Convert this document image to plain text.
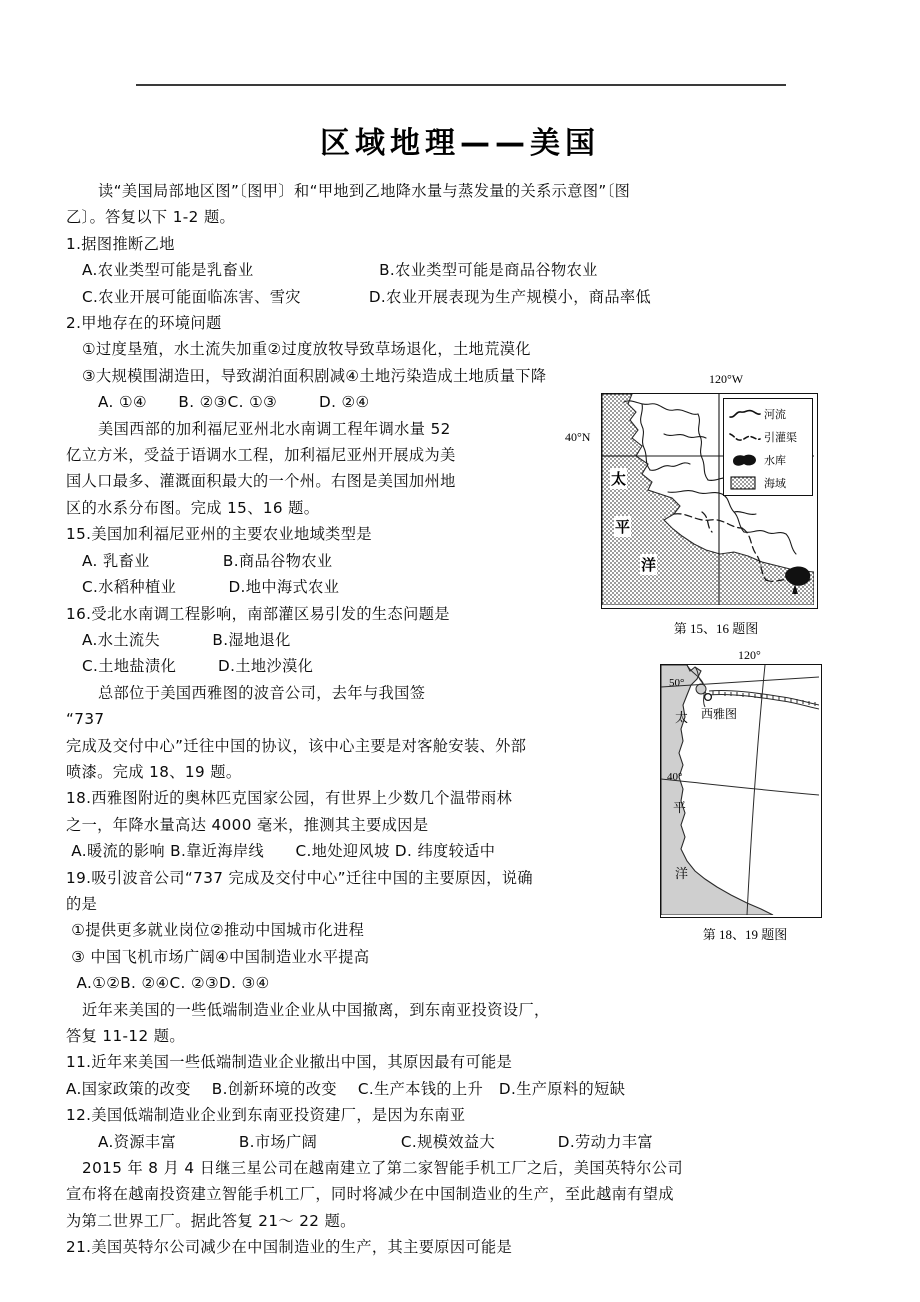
区域地理——美国
读“美国局部地区图”〔图甲〕和“甲地到乙地降水量与蒸发量的关系示意图”〔图
乙〕。答复以下 1-2 题。
1.据图推断乙地
A.农业类型可能是乳畜业                        B.农业类型可能是商品谷物农业
C.农业开展可能面临冻害、雪灾             D.农业开展表现为生产规模小，商品率低
2.甲地存在的环境问题
①过度垦殖，水土流失加重②过度放牧导致草场退化，土地荒漠化
③大规模围湖造田，导致湖泊面积剧减④土地污染造成土地质量下降
A. ①④      B. ②③C. ①③        D. ②④
美国西部的加利福尼亚州北水南调工程年调水量 52
亿立方米，受益于语调水工程，加利福尼亚州开展成为美
国人口最多、灌溉面积最大的一个州。右图是美国加州地
区的水系分布图。完成 15、16 题。
15.美国加利福尼亚州的主要农业地域类型是
A. 乳畜业              B.商品谷物农业
C.水稻种植业          D.地中海式农业
16.受北水南调工程影响，南部灌区易引发的生态问题是
A.水土流失          B.湿地退化
C.土地盐渍化        D.土地沙漠化
总部位于美国西雅图的波音公司，去年与我国签
“737
完成及交付中心”迁往中国的协议，该中心主要是对客舱安装、外部
喷漆。完成 18、19 题。
18.西雅图附近的奥林匹克国家公园，有世界上少数几个温带雨林
之一，年降水量高达 4000 毫米，推测其主要成因是
A.暖流的影响 B.靠近海岸线      C.地处迎风坡 D. 纬度较适中
19.吸引波音公司“737 完成及交付中心”迁往中国的主要原因，说确
的是
①提供更多就业岗位②推动中国城市化进程
③ 中国飞机市场广阔④中国制造业水平提高
A.①②B. ②④C. ②③D. ③④
近年来美国的一些低端制造业企业从中国撤离，到东南亚投资设厂，
答复 11-12 题。
11.近年来美国一些低端制造业企业撤出中国，其原因最有可能是
A.国家政策的改变    B.创新环境的改变    C.生产本钱的上升   D.生产原料的短缺
12.美国低端制造业企业到东南亚投资建厂，是因为东南亚
A.资源丰富            B.市场广阔                C.规模效益大            D.劳动力丰富
2015 年 8 月 4 日继三星公司在越南建立了第二家智能手机工厂之后，美国英特尔公司
宣布将在越南投资建立智能手机工厂，同时将减少在中国制造业的生产，至此越南有望成
为第二世界工厂。据此答复 21～ 22 题。
21.美国英特尔公司减少在中国制造业的生产，其主要原因可能是
120°W
40°N
河流
引灌渠
水库
海域
太
平
洋
第 15、16 题图
120°
50°
40°
西雅图
太
平
洋
第 18、19 题图
